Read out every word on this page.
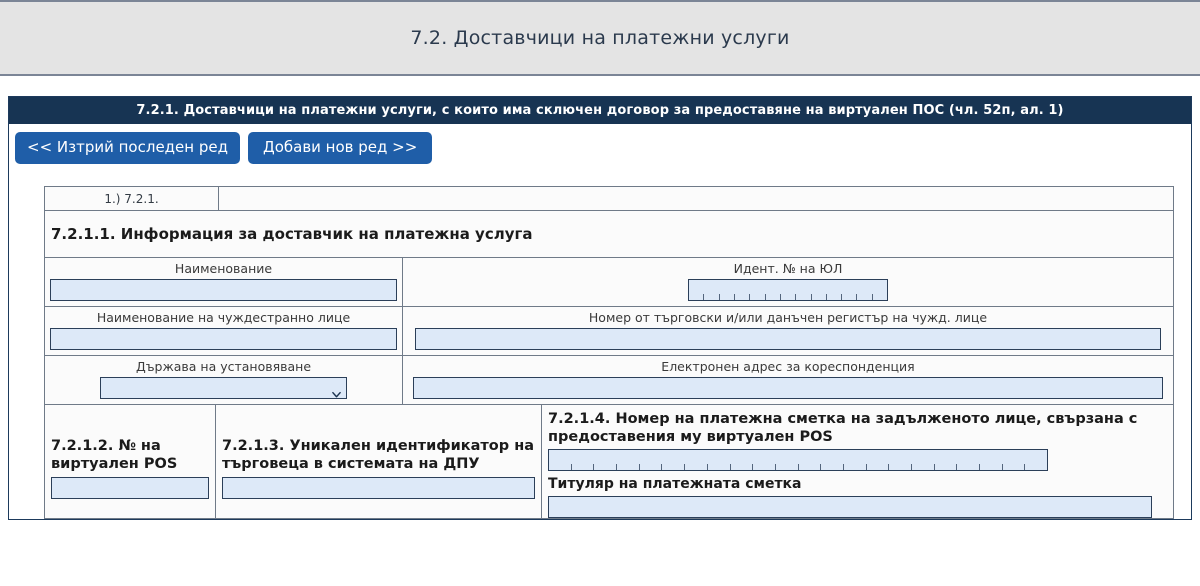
7.2. Доставчици на платежни услуги
7.2.1. Доставчици на платежни услуги, с които има сключен договор за предоставяне на виртуален ПОС (чл. 52п, ал. 1)
<< Изтрий последен ред	Добави нов ред >>
1.) 7.2.1.
7.2.1.1. Информация за доставчик на платежна услуга
Наименование	Идент. № на ЮЛ
Наименование на чуждестранно лице	Номер от търговски и/или данъчен регистър на чужд. лице
Държава на установяване	Електронен адрес за кореспонденция
7.2.1.2. № на виртуален POS
7.2.1.3. Уникален идентификатор на търговеца в системата на ДПУ
7.2.1.4. Номер на платежна сметка на задълженото лице, свързана с предоставения му виртуален POS
Титуляр на платежната сметка
